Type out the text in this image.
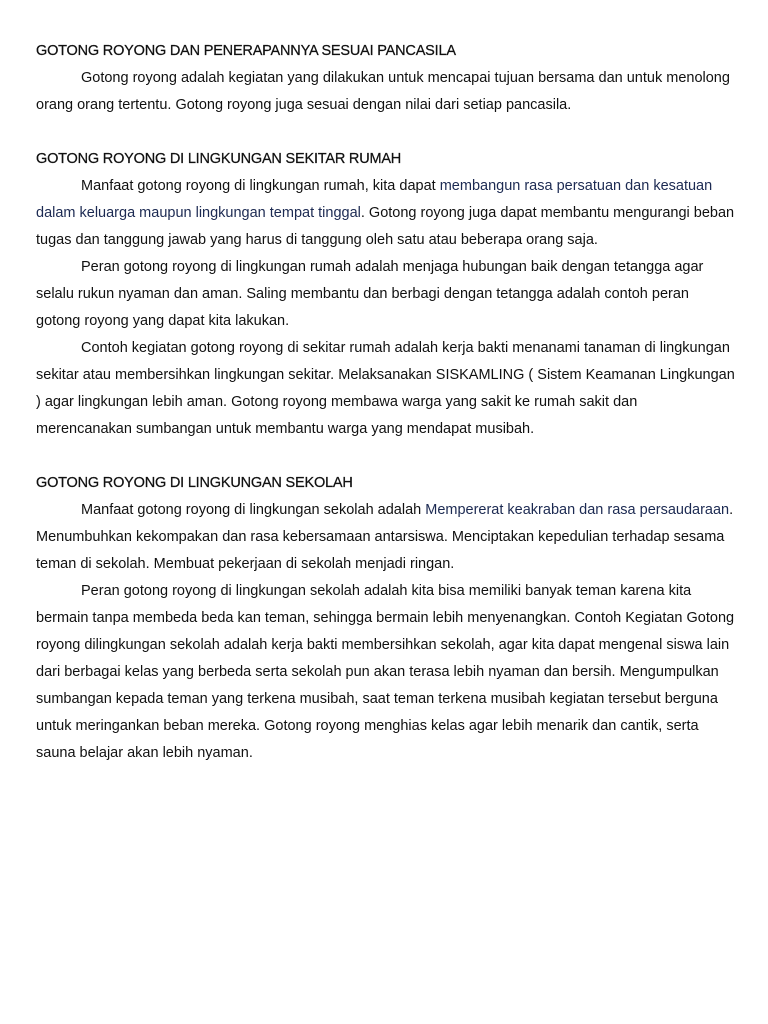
GOTONG ROYONG DAN PENERAPANNYA SESUAI PANCASILA

Gotong royong adalah kegiatan yang dilakukan untuk mencapai tujuan bersama dan untuk menolong orang orang tertentu. Gotong royong juga sesuai dengan nilai dari setiap pancasila.

GOTONG ROYONG DI LINGKUNGAN SEKITAR RUMAH

Manfaat gotong royong di lingkungan rumah, kita dapat membangun rasa persatuan dan kesatuan dalam keluarga maupun lingkungan tempat tinggal. Gotong royong juga dapat membantu mengurangi beban tugas dan tanggung jawab yang harus di tanggung oleh satu atau beberapa orang saja.

Peran gotong royong di lingkungan rumah adalah menjaga hubungan baik dengan tetangga agar selalu rukun nyaman dan aman. Saling membantu dan berbagi dengan tetangga adalah contoh peran gotong royong yang dapat kita lakukan.

Contoh kegiatan gotong royong di sekitar rumah adalah kerja bakti menanami tanaman di lingkungan sekitar atau membersihkan lingkungan sekitar. Melaksanakan SISKAMLING ( Sistem Keamanan Lingkungan ) agar lingkungan lebih aman. Gotong royong membawa warga yang sakit ke rumah sakit dan merencanakan sumbangan untuk membantu warga yang mendapat musibah.

GOTONG ROYONG DI LINGKUNGAN SEKOLAH

Manfaat gotong royong di lingkungan sekolah adalah Mempererat keakraban dan rasa persaudaraan. Menumbuhkan kekompakan dan rasa kebersamaan antarsiswa. Menciptakan kepedulian terhadap sesama teman di sekolah. Membuat pekerjaan di sekolah menjadi ringan.

Peran gotong royong di lingkungan sekolah adalah kita bisa memiliki banyak teman karena kita bermain tanpa membeda beda kan teman, sehingga bermain lebih menyenangkan. Contoh Kegiatan Gotong royong dilingkungan sekolah adalah kerja bakti membersihkan sekolah, agar kita dapat mengenal siswa lain dari berbagai kelas yang berbeda serta sekolah pun akan terasa lebih nyaman dan bersih. Mengumpulkan sumbangan kepada teman yang terkena musibah, saat teman terkena musibah kegiatan tersebut berguna untuk meringankan beban mereka. Gotong royong menghias kelas agar lebih menarik dan cantik, serta sauna belajar akan lebih nyaman.
